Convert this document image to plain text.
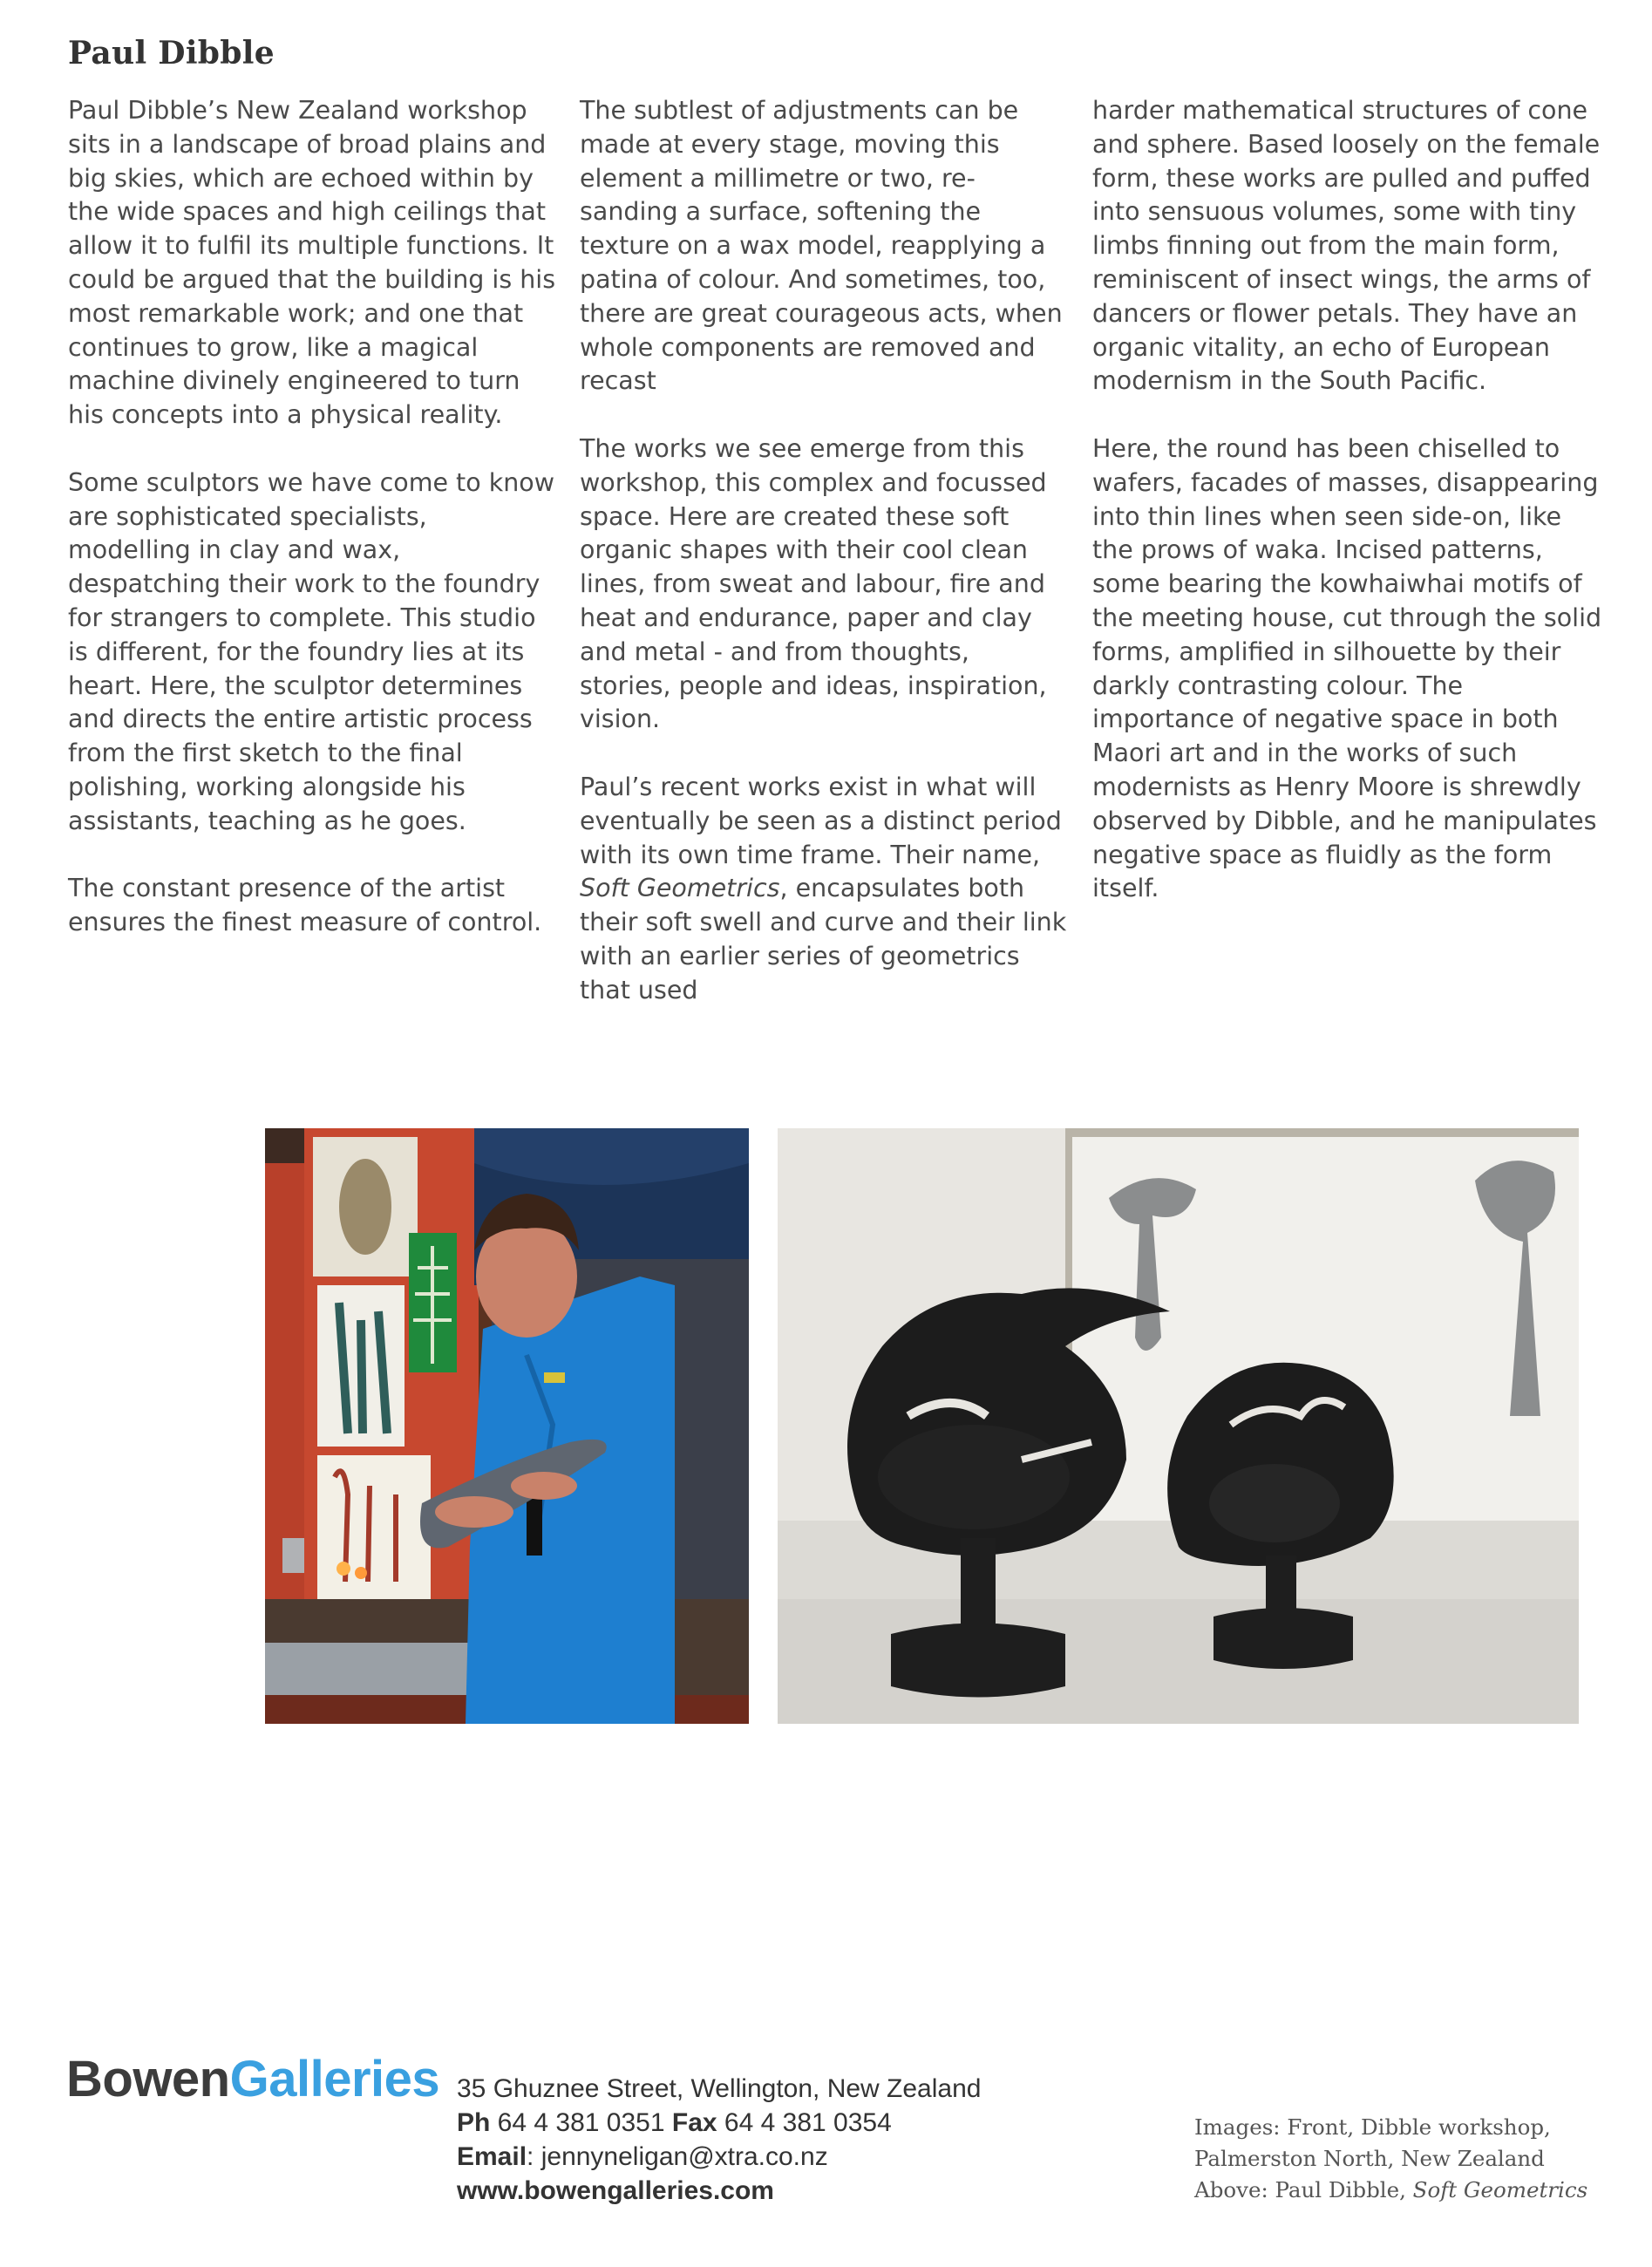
Paul Dibble

Paul Dibble’s New Zealand workshop sits in a landscape of broad plains and big skies, which are echoed within by the wide spaces and high ceilings that allow it to fulfil its multiple functions. It could be argued that the building is his most remarkable work; and one that continues to grow, like a magical machine divinely engineered to turn his concepts into a physical reality.

Some sculptors we have come to know are sophisticated specialists, modelling in clay and wax, despatching their work to the foundry for strangers to complete. This studio is different, for the foundry lies at its heart. Here, the sculptor determines and directs the entire artistic process from the first sketch to the final polishing, working alongside his assistants, teaching as he goes.

The constant presence of the artist ensures the finest measure of control.

The subtlest of adjustments can be made at every stage, moving this element a millimetre or two, re-sanding a surface, softening the texture on a wax model, reapplying a patina of colour. And sometimes, too, there are great courageous acts, when whole components are removed and recast

The works we see emerge from this workshop, this complex and focussed space. Here are created these soft organic shapes with their cool clean lines, from sweat and labour, fire and heat and endurance, paper and clay and metal - and from thoughts, stories, people and ideas, inspiration, vision.

Paul’s recent works exist in what will eventually be seen as a distinct period with its own time frame. Their name, Soft Geometrics, encapsulates both their soft swell and curve and their link with an earlier series of geometrics that used

harder mathematical structures of cone and sphere. Based loosely on the female form, these works are pulled and puffed into sensuous volumes, some with tiny limbs finning out from the main form, reminiscent of insect wings, the arms of dancers or flower petals. They have an organic vitality, an echo of European modernism in the South Pacific.

Here, the round has been chiselled to wafers, facades of masses, disappearing into thin lines when seen side-on, like the prows of waka. Incised patterns, some bearing the kowhaiwhai motifs of the meeting house, cut through the solid forms, amplified in silhouette by their darkly contrasting colour. The importance of negative space in both Maori art and in the works of such modernists as Henry Moore is shrewdly observed by Dibble, and he manipulates negative space as fluidly as the form itself.

BowenGalleries 35 Ghuznee Street, Wellington, New Zealand
Ph 64 4 381 0351 Fax 64 4 381 0354
Email: jennyneligan@xtra.co.nz
www.bowengalleries.com
Images: Front, Dibble workshop,
Palmerston North, New Zealand
Above: Paul Dibble, Soft Geometrics
